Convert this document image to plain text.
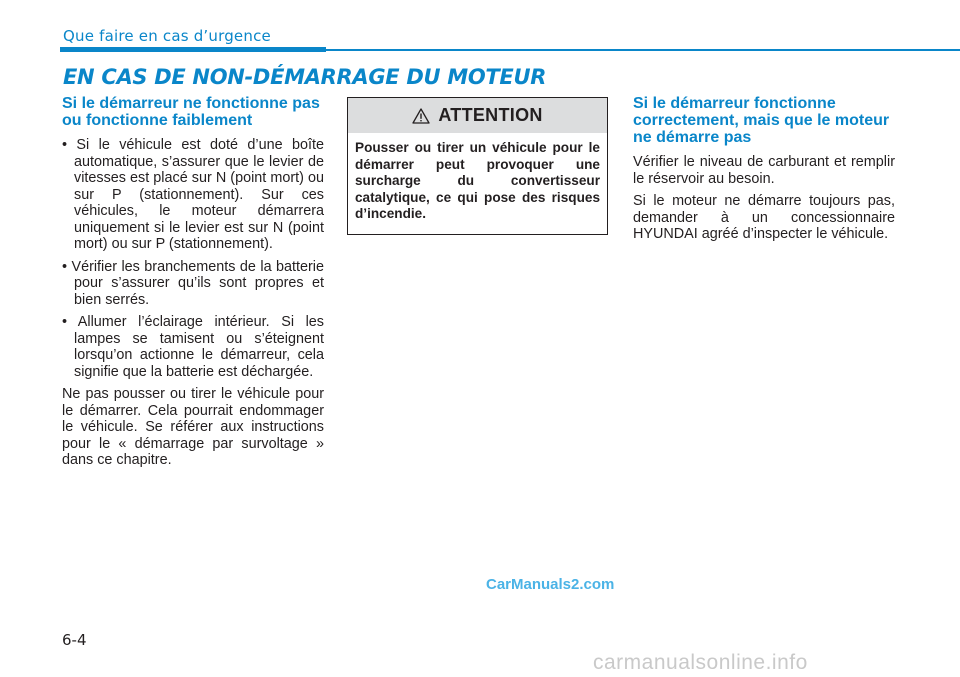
Que faire en cas d’urgence
EN CAS DE NON-DÉMARRAGE DU MOTEUR
Si le démarreur ne fonctionne pas ou fonctionne faiblement
• Si le véhicule est doté d’une boîte automatique, s’assurer que le levier de vitesses est placé sur N (point mort) ou sur P (stationnement). Sur ces véhicules, le moteur démarrera uniquement si le levier est sur N (point mort) ou sur P (stationnement).
• Vérifier les branchements de la batterie pour s’assurer qu’ils sont propres et bien serrés.
• Allumer l’éclairage intérieur. Si les lampes se tamisent ou s’éteignent lorsqu’on actionne le démarreur, cela signifie que la batterie est déchargée.
Ne pas pousser ou tirer le véhicule pour le démarrer. Cela pourrait endommager le véhicule. Se référer aux instructions pour le « démarrage par survoltage » dans ce chapitre.
ATTENTION
Pousser ou tirer un véhicule pour le démarrer peut provoquer une surcharge du convertisseur catalytique, ce qui pose des risques d’incendie.
Si le démarreur fonctionne correctement, mais que le moteur ne démarre pas
Vérifier le niveau de carburant et remplir le réservoir au besoin.
Si le moteur ne démarre toujours pas, demander à un concessionnaire HYUNDAI agréé d’inspecter le véhicule.
CarManuals2.com
6-4
carmanualsonline.info
